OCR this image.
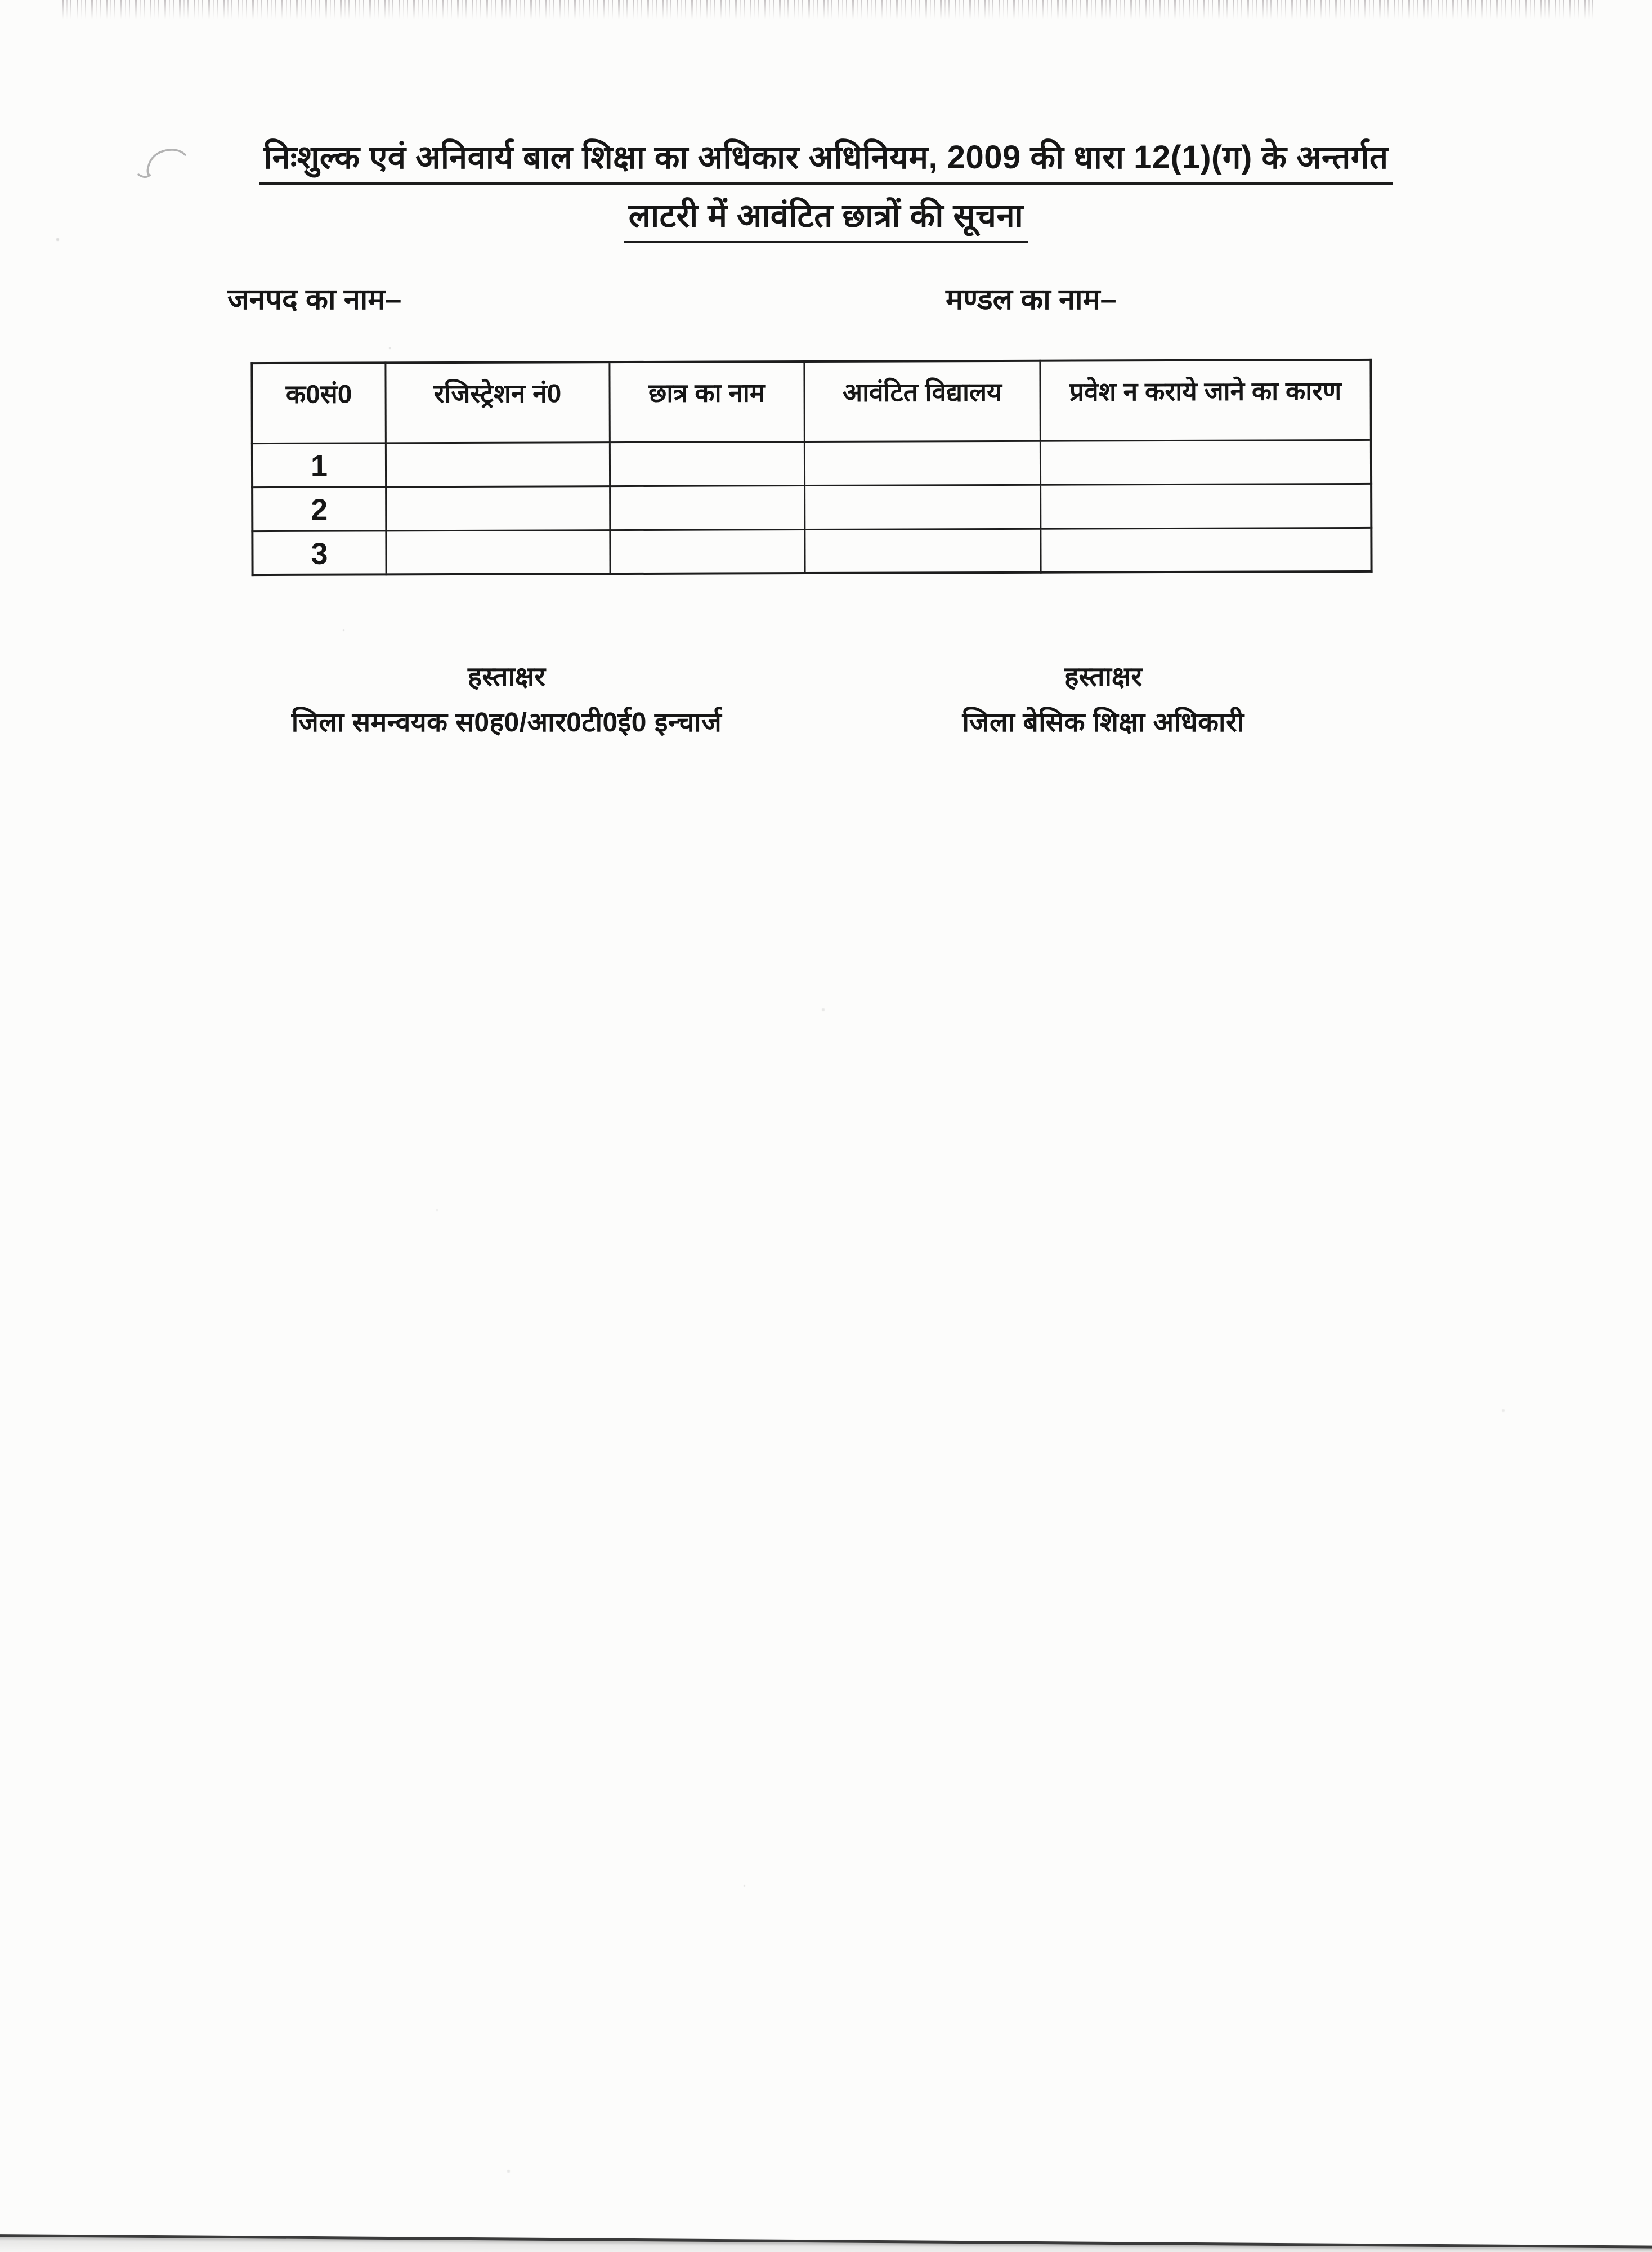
निःशुल्क एवं अनिवार्य बाल शिक्षा का अधिकार अधिनियम, 2009 की धारा 12(1)(ग) के अन्तर्गत
लाटरी में आवंटित छात्रों की सूचना
जनपद का नाम–	मण्डल का नाम–
क0सं0	रजिस्ट्रेशन नं0	छात्र का नाम	आवंटित विद्यालय	प्रवेश न कराये जाने का कारण
1				
2				
3				
हस्ताक्षर
जिला समन्वयक स0ह0/आर0टी0ई0 इन्चार्ज
हस्ताक्षर
जिला बेसिक शिक्षा अधिकारी
